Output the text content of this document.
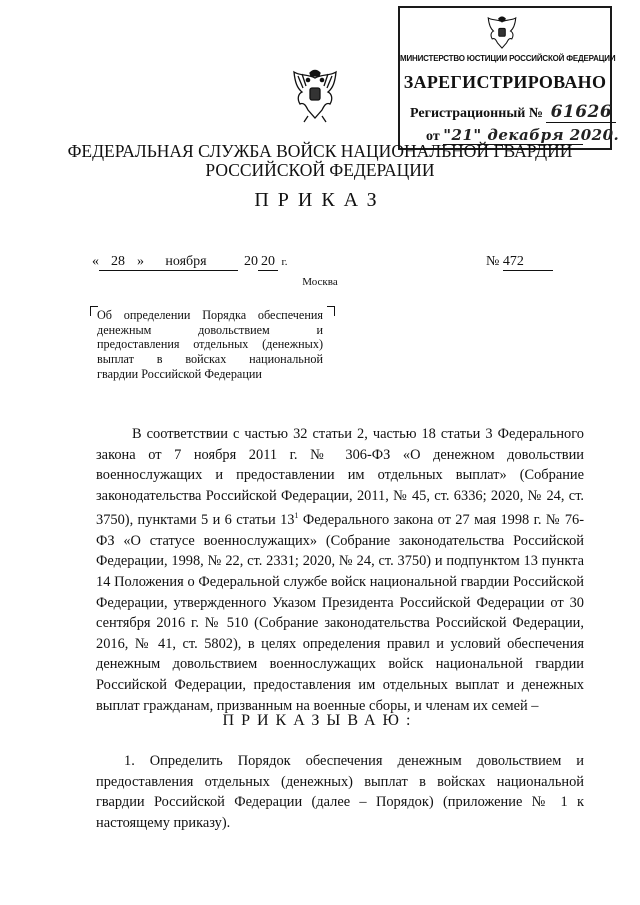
МИНИСТЕРСТВО ЮСТИЦИИ РОССИЙСКОЙ ФЕДЕРАЦИИ
ЗАРЕГИСТРИРОВАНО
Регистрационный № 61626
от "21" декабря 2020.
ФЕДЕРАЛЬНАЯ СЛУЖБА ВОЙСК НАЦИОНАЛЬНОЙ ГВАРДИИ
РОССИЙСКОЙ ФЕДЕРАЦИИ
ПРИКАЗ
« 28 »	ноября	20 20 г.	№ 472
Москва
Об определении Порядка обеспечения
денежным довольствием и
предоставления отдельных (денежных)
выплат в войсках национальной
гвардии Российской Федерации
В соответствии с частью 32 статьи 2, частью 18 статьи 3 Федерального закона от 7 ноября 2011 г. № 306-ФЗ «О денежном довольствии военнослужащих и предоставлении им отдельных выплат» (Собрание законодательства Российской Федерации, 2011, № 45, ст. 6336; 2020, № 24, ст. 3750), пунктами 5 и 6 статьи $13^1$ Федерального закона от 27 мая 1998 г. № 76-ФЗ «О статусе военнослужащих» (Собрание законодательства Российской Федерации, 1998, № 22, ст. 2331; 2020, № 24, ст. 3750) и подпунктом 13 пункта 14 Положения о Федеральной службе войск национальной гвардии Российской Федерации, утвержденного Указом Президента Российской Федерации от 30 сентября 2016 г. № 510 (Собрание законодательства Российской Федерации, 2016, № 41, ст. 5802), в целях определения правил и условий обеспечения денежным довольствием военнослужащих войск национальной гвардии Российской Федерации, предоставления им отдельных выплат и денежных выплат гражданам, призванным на военные сборы, и членам их семей –
ПРИКАЗЫВАЮ:
1. Определить Порядок обеспечения денежным довольствием и предоставления отдельных (денежных) выплат в войсках национальной гвардии Российской Федерации (далее – Порядок) (приложение № 1 к настоящему приказу).
